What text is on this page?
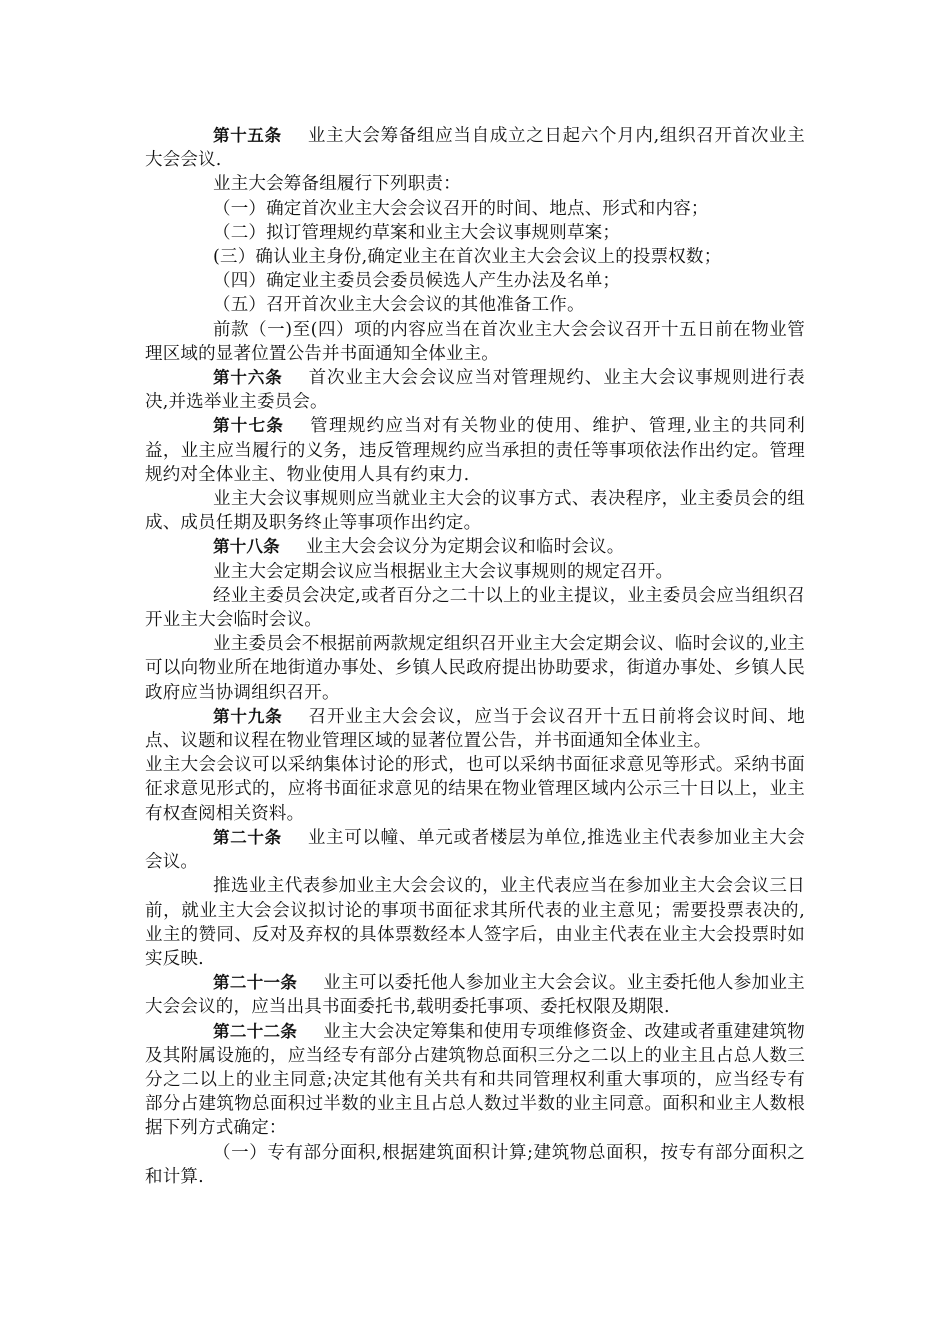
第十五条 业主大会筹备组应当自成立之日起六个月内,组织召开首次业主大会会议.

业主大会筹备组履行下列职责：

（一）确定首次业主大会会议召开的时间、地点、形式和内容；

（二）拟订管理规约草案和业主大会议事规则草案；

(三）确认业主身份,确定业主在首次业主大会会议上的投票权数；

（四）确定业主委员会委员候选人产生办法及名单；

（五）召开首次业主大会会议的其他准备工作。

前款（一)至(四）项的内容应当在首次业主大会会议召开十五日前在物业管理区域的显著位置公告并书面通知全体业主。

第十六条 首次业主大会会议应当对管理规约、业主大会议事规则进行表决,并选举业主委员会。

第十七条 管理规约应当对有关物业的使用、维护、管理,业主的共同利益，业主应当履行的义务，违反管理规约应当承担的责任等事项依法作出约定。管理规约对全体业主、物业使用人具有约束力.

业主大会议事规则应当就业主大会的议事方式、表决程序，业主委员会的组成、成员任期及职务终止等事项作出约定。

第十八条 业主大会会议分为定期会议和临时会议。

业主大会定期会议应当根据业主大会议事规则的规定召开。

经业主委员会决定,或者百分之二十以上的业主提议，业主委员会应当组织召开业主大会临时会议。

业主委员会不根据前两款规定组织召开业主大会定期会议、临时会议的,业主可以向物业所在地街道办事处、乡镇人民政府提出协助要求，街道办事处、乡镇人民政府应当协调组织召开。

第十九条 召开业主大会会议，应当于会议召开十五日前将会议时间、地点、议题和议程在物业管理区域的显著位置公告，并书面通知全体业主。

业主大会会议可以采纳集体讨论的形式，也可以采纳书面征求意见等形式。采纳书面征求意见形式的，应将书面征求意见的结果在物业管理区域内公示三十日以上，业主有权查阅相关资料。

第二十条 业主可以幢、单元或者楼层为单位,推选业主代表参加业主大会会议。

推选业主代表参加业主大会会议的，业主代表应当在参加业主大会会议三日前，就业主大会会议拟讨论的事项书面征求其所代表的业主意见；需要投票表决的,业主的赞同、反对及弃权的具体票数经本人签字后，由业主代表在业主大会投票时如实反映.

第二十一条 业主可以委托他人参加业主大会会议。业主委托他人参加业主大会会议的，应当出具书面委托书,载明委托事项、委托权限及期限.

第二十二条 业主大会决定筹集和使用专项维修资金、改建或者重建建筑物及其附属设施的，应当经专有部分占建筑物总面积三分之二以上的业主且占总人数三分之二以上的业主同意;决定其他有关共有和共同管理权利重大事项的，应当经专有部分占建筑物总面积过半数的业主且占总人数过半数的业主同意。面积和业主人数根据下列方式确定：

（一）专有部分面积,根据建筑面积计算;建筑物总面积，按专有部分面积之和计算.
